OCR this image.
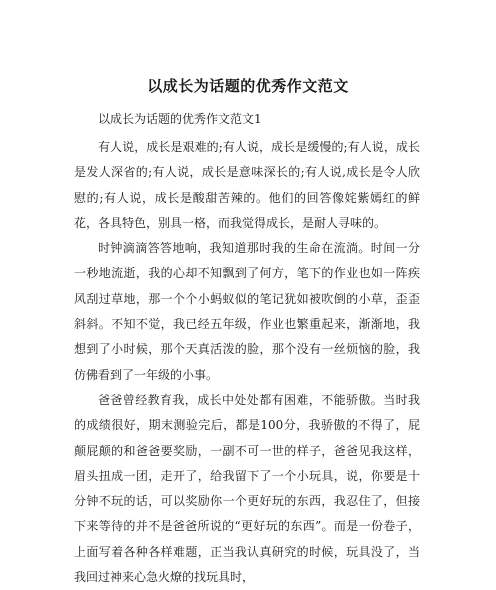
以成长为话题的优秀作文范文

以成长为话题的优秀作文范文1

有人说，成长是艰难的;有人说，成长是缓慢的;有人说，成长是发人深省的;有人说，成长是意味深长的;有人说,成长是令人欣慰的;有人说，成长是酸甜苦辣的。他们的回答像姹紫嫣红的鲜花，各具特色，别具一格，而我觉得成长，是耐人寻味的。

时钟滴滴答答地响，我知道那时我的生命在流淌。时间一分一秒地流逝，我的心却不知飘到了何方，笔下的作业也如一阵疾风刮过草地，那一个个小蚂蚁似的笔记犹如被吹倒的小草，歪歪斜斜。不知不觉，我已经五年级，作业也繁重起来，渐渐地，我想到了小时候，那个天真活泼的脸，那个没有一丝烦恼的脸，我仿佛看到了一年级的小事。

爸爸曾经教育我，成长中处处都有困难，不能骄傲。当时我的成绩很好，期末测验完后，都是100分，我骄傲的不得了，屁颠屁颠的和爸爸要奖励，一副不可一世的样子，爸爸见我这样，眉头扭成一团，走开了，给我留下了一个小玩具，说，你要是十分钟不玩的话，可以奖励你一个更好玩的东西，我忍住了，但接下来等待的并不是爸爸所说的“更好玩的东西”。而是一份卷子，上面写着各种各样难题，正当我认真研究的时候，玩具没了，当我回过神来心急火燎的找玩具时，
